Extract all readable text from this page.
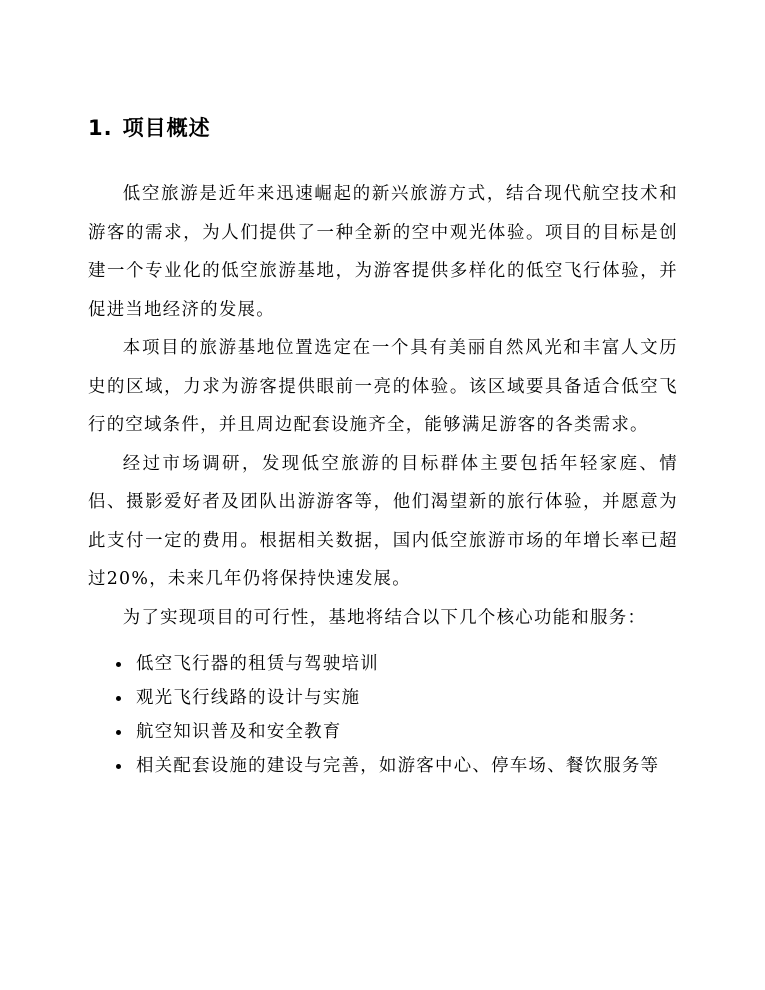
1. 项目概述

低空旅游是近年来迅速崛起的新兴旅游方式，结合现代航空技术和游客的需求，为人们提供了一种全新的空中观光体验。项目的目标是创建一个专业化的低空旅游基地，为游客提供多样化的低空飞行体验，并促进当地经济的发展。

本项目的旅游基地位置选定在一个具有美丽自然风光和丰富人文历史的区域，力求为游客提供眼前一亮的体验。该区域要具备适合低空飞行的空域条件，并且周边配套设施齐全，能够满足游客的各类需求。

经过市场调研，发现低空旅游的目标群体主要包括年轻家庭、情侣、摄影爱好者及团队出游游客等，他们渴望新的旅行体验，并愿意为此支付一定的费用。根据相关数据，国内低空旅游市场的年增长率已超过20%，未来几年仍将保持快速发展。

为了实现项目的可行性，基地将结合以下几个核心功能和服务：

低空飞行器的租赁与驾驶培训
观光飞行线路的设计与实施
航空知识普及和安全教育
相关配套设施的建设与完善，如游客中心、停车场、餐饮服务等
